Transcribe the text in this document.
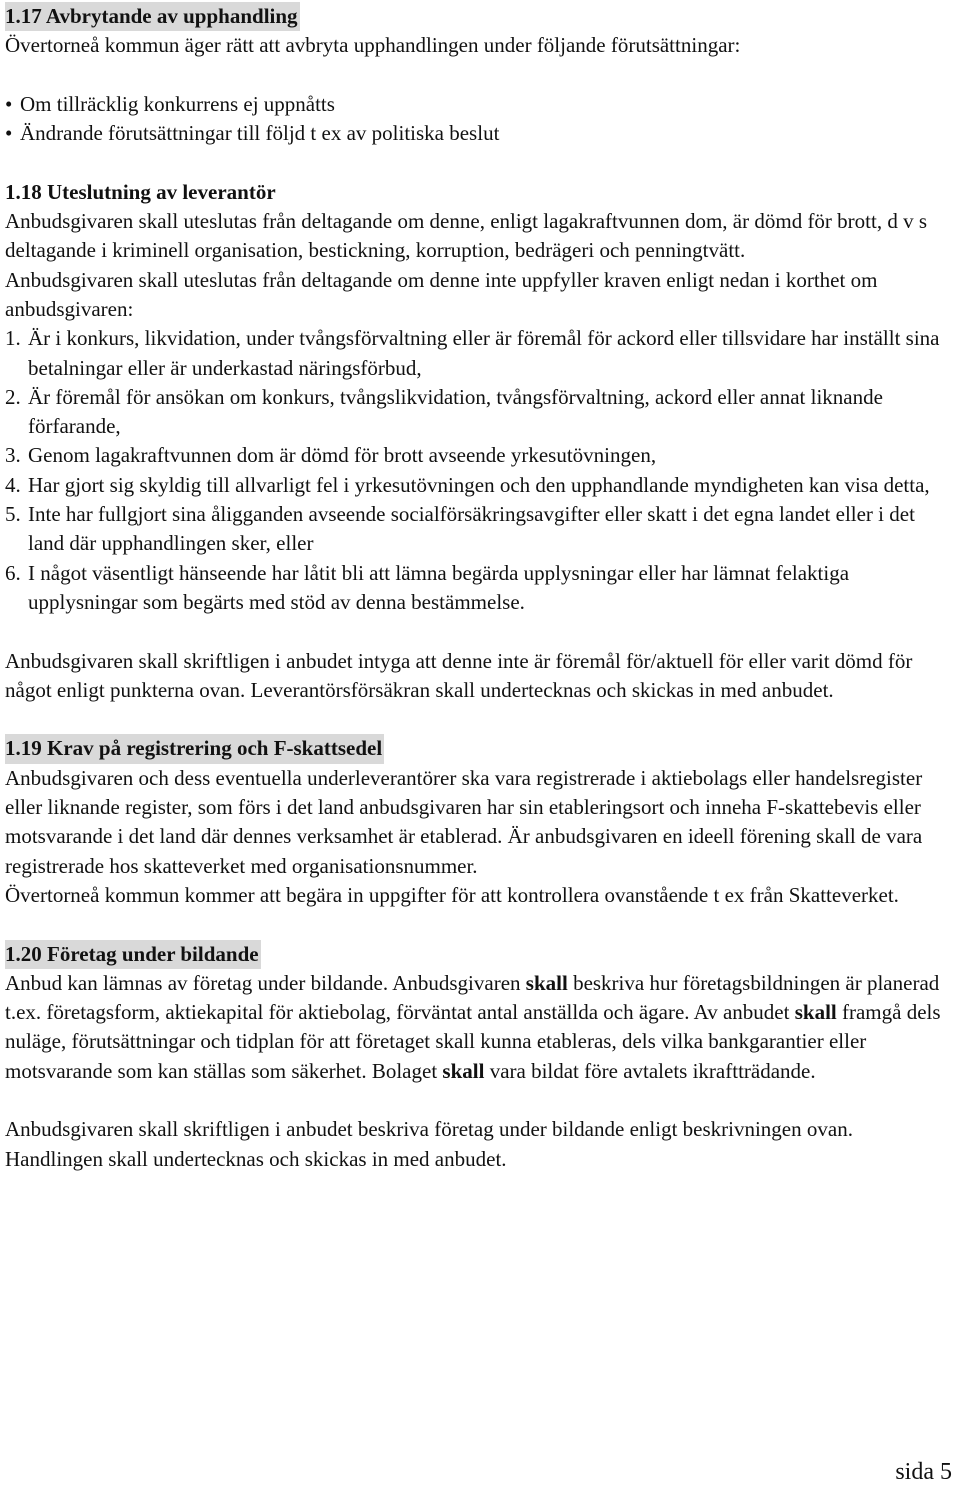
1.17 Avbrytande av upphandling

Övertorneå kommun äger rätt att avbryta upphandlingen under följande förutsättningar:

• Om tillräcklig konkurrens ej uppnåtts
• Ändrande förutsättningar till följd t ex av politiska beslut
1.18 Uteslutning av leverantör

Anbudsgivaren skall uteslutas från deltagande om denne, enligt lagakraftvunnen dom, är dömd för brott, d v s deltagande i kriminell organisation, bestickning, korruption, bedrägeri och penningtvätt.

Anbudsgivaren skall uteslutas från deltagande om denne inte uppfyller kraven enligt nedan i korthet om anbudsgivaren:

1. Är i konkurs, likvidation, under tvångsförvaltning eller är föremål för ackord eller tillsvidare har inställt sina betalningar eller är underkastad näringsförbud,
2. Är föremål för ansökan om konkurs, tvångslikvidation, tvångsförvaltning, ackord eller annat liknande förfarande,
3. Genom lagakraftvunnen dom är dömd för brott avseende yrkesutövningen,
4. Har gjort sig skyldig till allvarligt fel i yrkesutövningen och den upphandlande myndigheten kan visa detta,
5. Inte har fullgjort sina åligganden avseende socialförsäkringsavgifter eller skatt i det egna landet eller i det land där upphandlingen sker, eller
6. I något väsentligt hänseende har låtit bli att lämna begärda upplysningar eller har lämnat felaktiga upplysningar som begärts med stöd av denna bestämmelse.

Anbudsgivaren skall skriftligen i anbudet intyga att denne inte är föremål för/aktuell för eller varit dömd för något enligt punkterna ovan. Leverantörsförsäkran skall undertecknas och skickas in med anbudet.

1.19 Krav på registrering och F-skattsedel

Anbudsgivaren och dess eventuella underleverantörer ska vara registrerade i aktiebolags eller handelsregister eller liknande register, som förs i det land anbudsgivaren har sin etableringsort och inneha F-skattebevis eller motsvarande i det land där dennes verksamhet är etablerad. Är anbudsgivaren en ideell förening skall de vara registrerade hos skatteverket med organisationsnummer.

Övertorneå kommun kommer att begära in uppgifter för att kontrollera ovanstående t ex från Skatteverket.

1.20 Företag under bildande

Anbud kan lämnas av företag under bildande. Anbudsgivaren skall beskriva hur företagsbildningen är planerad t.ex. företagsform, aktiekapital för aktiebolag, förväntat antal anställda och ägare. Av anbudet skall framgå dels nuläge, förutsättningar och tidplan för att företaget skall kunna etableras, dels vilka bankgarantier eller motsvarande som kan ställas som säkerhet. Bolaget skall vara bildat före avtalets ikraftträdande.

Anbudsgivaren skall skriftligen i anbudet beskriva företag under bildande enligt beskrivningen ovan. Handlingen skall undertecknas och skickas in med anbudet.

sida 5
